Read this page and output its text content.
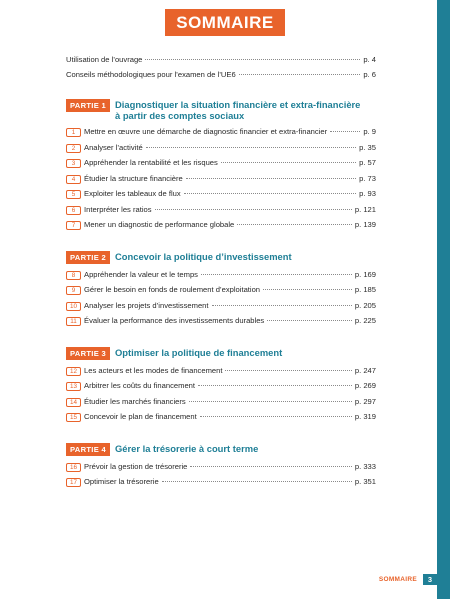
SOMMAIRE
Utilisation de l’ouvrage	p. 4
Conseils méthodologiques pour l’examen de l’UE6	p. 6
PARTIE 1 Diagnostiquer la situation financière et extra-financière à partir des comptes sociaux
1	Mettre en œuvre une démarche de diagnostic financier et extra-financier	p. 9
2	Analyser l’activité	p. 35
3	Appréhender la rentabilité et les risques	p. 57
4	Étudier la structure financière	p. 73
5	Exploiter les tableaux de flux	p. 93
6	Interpréter les ratios	p. 121
7	Mener un diagnostic de performance globale	p. 139
PARTIE 2 Concevoir la politique d’investissement
8	Appréhender la valeur et le temps	p. 169
9	Gérer le besoin en fonds de roulement d’exploitation	p. 185
10 Analyser les projets d’investissement	p. 205
11 Évaluer la performance des investissements durables	p. 225
PARTIE 3 Optimiser la politique de financement
12 Les acteurs et les modes de financement	p. 247
13 Arbitrer les coûts du financement	p. 269
14 Étudier les marchés financiers	p. 297
15 Concevoir le plan de financement	p. 319
PARTIE 4 Gérer la trésorerie à court terme
16 Prévoir la gestion de trésorerie	p. 333
17 Optimiser la trésorerie	p. 351
SOMMAIRE	3
